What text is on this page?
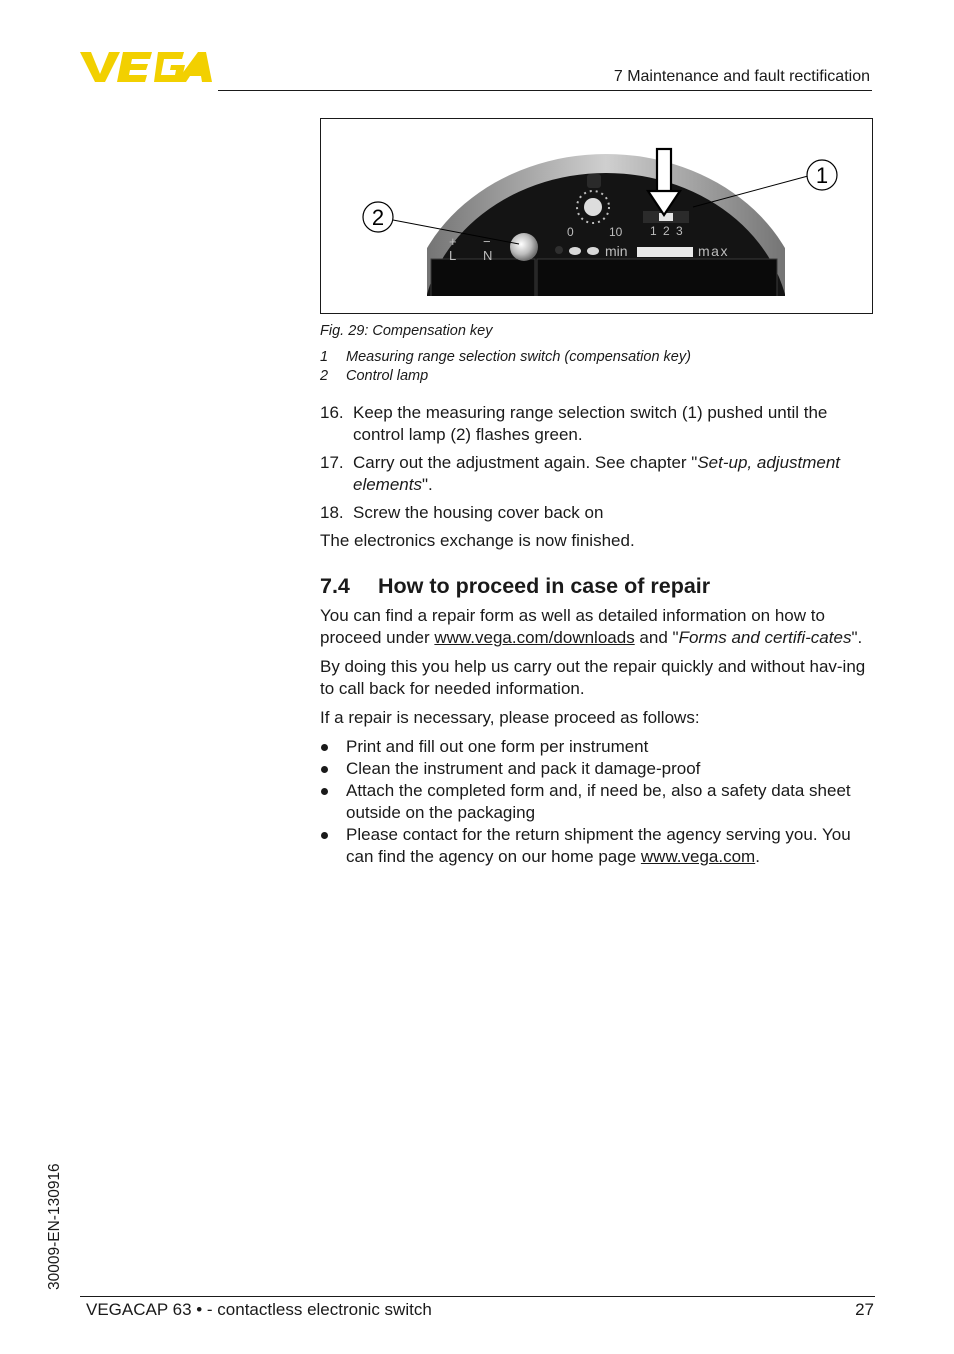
7 Maintenance and fault rectification
0	10 1 2 3
+ −
L N	min	max
1
2
Fig. 29: Compensation key
1 Measuring range selection switch (compensation key)
2 Control lamp
16. Keep the measuring range selection switch (1) pushed until the control lamp (2) flashes green.
17. Carry out the adjustment again. See chapter "Set-up, adjustment elements".
18. Screw the housing cover back on

The electronics exchange is now finished.

7.4	How to proceed in case of repair

You can find a repair form as well as detailed information on how to proceed under www.vega.com/downloads and "Forms and certifi-cates".

By doing this you help us carry out the repair quickly and without hav-ing to call back for needed information.

If a repair is necessary, please proceed as follows:

Print and fill out one form per instrument
Clean the instrument and pack it damage-proof
Attach the completed form and, if need be, also a safety data sheet outside on the packaging
Please contact for the return shipment the agency serving you. You can find the agency on our home page www.vega.com.
30009-EN-130916
VEGACAP 63 • - contactless electronic switch	27
